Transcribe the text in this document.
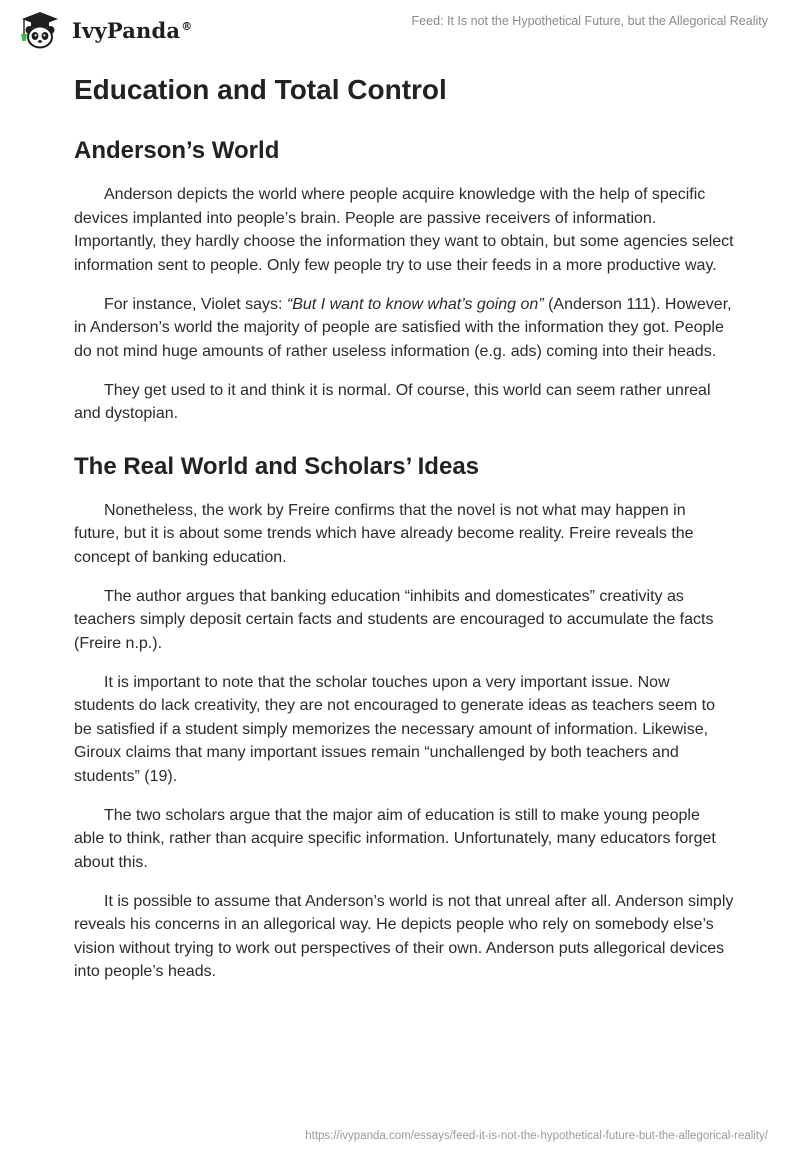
IvyPanda®	Feed: It Is not the Hypothetical Future, but the Allegorical Reality
Education and Total Control
Anderson’s World

Anderson depicts the world where people acquire knowledge with the help of specific devices implanted into people’s brain. People are passive receivers of information. Importantly, they hardly choose the information they want to obtain, but some agencies select information sent to people. Only few people try to use their feeds in a more productive way.

For instance, Violet says: “But I want to know what’s going on” (Anderson 111). However, in Anderson’s world the majority of people are satisfied with the information they got. People do not mind huge amounts of rather useless information (e.g. ads) coming into their heads.

They get used to it and think it is normal. Of course, this world can seem rather unreal and dystopian.

The Real World and Scholars’ Ideas

Nonetheless, the work by Freire confirms that the novel is not what may happen in future, but it is about some trends which have already become reality. Freire reveals the concept of banking education.

The author argues that banking education “inhibits and domesticates” creativity as teachers simply deposit certain facts and students are encouraged to accumulate the facts (Freire n.p.).

It is important to note that the scholar touches upon a very important issue. Now students do lack creativity, they are not encouraged to generate ideas as teachers seem to be satisfied if a student simply memorizes the necessary amount of information. Likewise, Giroux claims that many important issues remain “unchallenged by both teachers and students” (19).

The two scholars argue that the major aim of education is still to make young people able to think, rather than acquire specific information. Unfortunately, many educators forget about this.

It is possible to assume that Anderson’s world is not that unreal after all. Anderson simply reveals his concerns in an allegorical way. He depicts people who rely on somebody else’s vision without trying to work out perspectives of their own. Anderson puts allegorical devices into people’s heads.

https://ivypanda.com/essays/feed-it-is-not-the-hypothetical-future-but-the-allegorical-reality/
